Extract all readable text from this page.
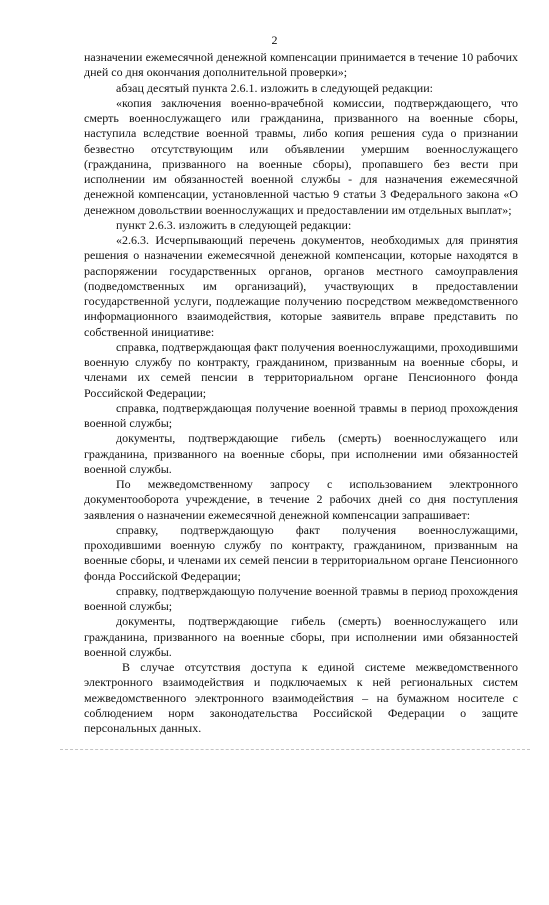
2

назначении ежемесячной денежной компенсации принимается в течение 10 рабочих дней со дня окончания дополнительной проверки»;

абзац десятый пункта 2.6.1. изложить в следующей редакции:

«копия заключения военно-врачебной комиссии, подтверждающего, что смерть военнослужащего или гражданина, призванного на военные сборы, наступила вследствие военной травмы, либо копия решения суда о признании безвестно отсутствующим или объявлении умершим военнослужащего (гражданина, призванного на военные сборы), пропавшего без вести при исполнении им обязанностей военной службы - для назначения ежемесячной денежной компенсации, установленной частью 9 статьи 3 Федерального закона «О денежном довольствии военнослужащих и предоставлении им отдельных выплат»;

пункт 2.6.3. изложить в следующей редакции:

«2.6.3. Исчерпывающий перечень документов, необходимых для принятия решения о назначении ежемесячной денежной компенсации, которые находятся в распоряжении государственных органов, органов местного самоуправления (подведомственных им организаций), участвующих в предоставлении государственной услуги, подлежащие получению посредством межведомственного информационного взаимодействия, которые заявитель вправе представить по собственной инициативе:

справка, подтверждающая факт получения военнослужащими, проходившими военную службу по контракту, гражданином, призванным на военные сборы, и членами их семей пенсии в территориальном органе Пенсионного фонда Российской Федерации;

справка, подтверждающая получение военной травмы в период прохождения военной службы;

документы, подтверждающие гибель (смерть) военнослужащего или гражданина, призванного на военные сборы, при исполнении ими обязанностей военной службы.

По межведомственному запросу с использованием электронного документооборота учреждение, в течение 2 рабочих дней со дня поступления заявления о назначении ежемесячной денежной компенсации запрашивает:

справку, подтверждающую факт получения военнослужащими, проходившими военную службу по контракту, гражданином, призванным на военные сборы, и членами их семей пенсии в территориальном органе Пенсионного фонда Российской Федерации;

справку, подтверждающую получение военной травмы в период прохождения военной службы;

документы, подтверждающие гибель (смерть) военнослужащего или гражданина, призванного на военные сборы, при исполнении ими обязанностей военной службы.

В случае отсутствия доступа к единой системе межведомственного электронного взаимодействия и подключаемых к ней региональных систем межведомственного электронного взаимодействия – на бумажном носителе с соблюдением норм законодательства Российской Федерации о защите персональных данных.
